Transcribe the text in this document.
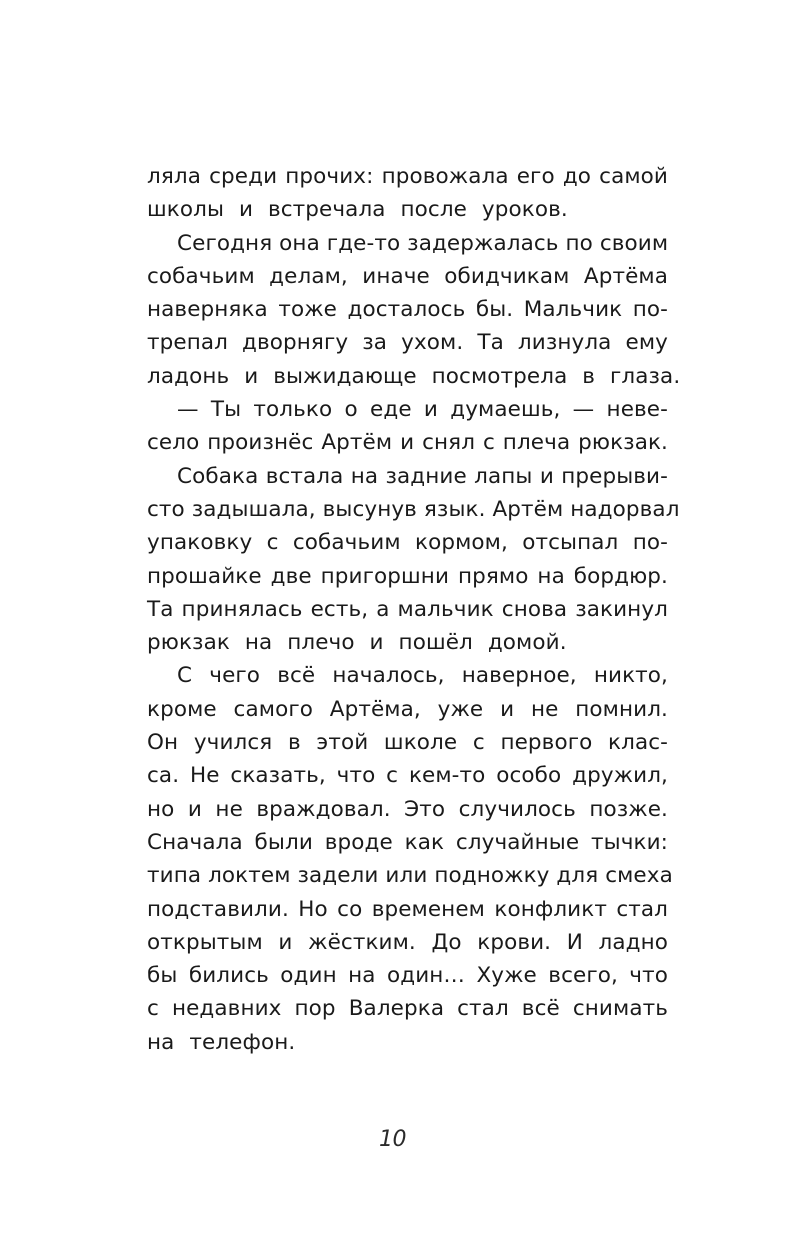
ляла среди прочих: провожала его до самой
школы и встречала после уроков.
Сегодня она где-то задержалась по своим
собачьим делам, иначе обидчикам Артёма
наверняка тоже досталось бы. Мальчик по-
трепал дворнягу за ухом. Та лизнула ему
ладонь и выжидающе посмотрела в глаза.
— Ты только о еде и думаешь, — неве-
село произнёс Артём и снял с плеча рюкзак.
Собака встала на задние лапы и прерыви-
сто задышала, высунув язык. Артём надорвал
упаковку с собачьим кормом, отсыпал по-
прошайке две пригоршни прямо на бордюр.
Та принялась есть, а мальчик снова закинул
рюкзак на плечо и пошёл домой.
С чего всё началось, наверное, никто,
кроме самого Артёма, уже и не помнил.
Он учился в этой школе с первого клас-
са. Не сказать, что с кем-то особо дружил,
но и не враждовал. Это случилось позже.
Сначала были вроде как случайные тычки:
типа локтем задели или подножку для смеха
подставили. Но со временем конфликт стал
открытым и жёстким. До крови. И ладно
бы бились один на один… Хуже всего, что
с недавних пор Валерка стал всё снимать
на телефон.
10
